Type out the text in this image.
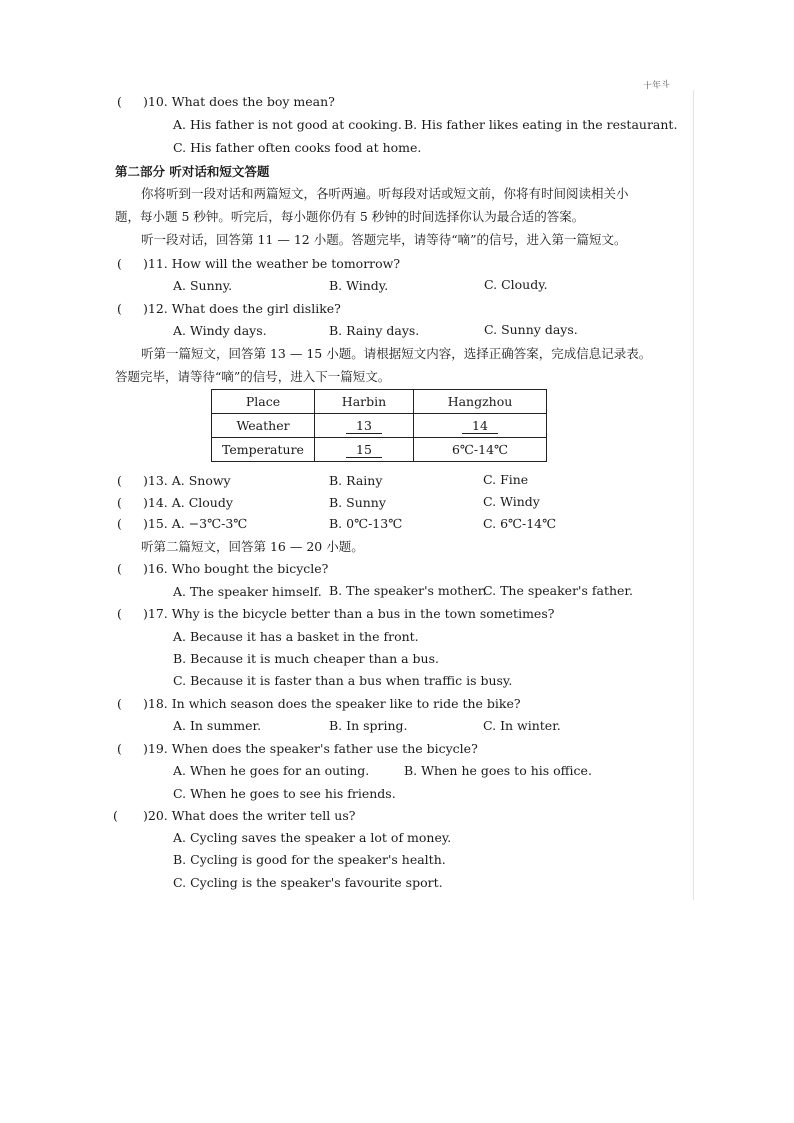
十年斗
( )10. What does the boy mean?
A. His father is not good at cooking. B. His father likes eating in the restaurant.
C. His father often cooks food at home.
第二部分 听对话和短文答题
你将听到一段对话和两篇短文，各听两遍。听每段对话或短文前，你将有时间阅读相关小
题，每小题 5 秒钟。听完后，每小题你仍有 5 秒钟的时间选择你认为最合适的答案。
听一段对话，回答第 11 — 12 小题。答题完毕，请等待“嘀”的信号，进入第一篇短文。
( )11. How will the weather be tomorrow?
A. Sunny.	B. Windy.	C. Cloudy.
( )12. What does the girl dislike?
A. Windy days.	B. Rainy days.	C. Sunny days.
听第一篇短文，回答第 13 — 15 小题。请根据短文内容，选择正确答案，完成信息记录表。
答题完毕，请等待“嘀”的信号，进入下一篇短文。
Place	Harbin	Hangzhou
Weather	13	14
Temperature	15	6℃-14℃
( )13. A. Snowy	B. Rainy	C. Fine
( )14. A. Cloudy	B. Sunny	C. Windy
( )15. A. −3℃-3℃	B. 0℃-13℃	C. 6℃-14℃
听第二篇短文，回答第 16 — 20 小题。
( )16. Who bought the bicycle?
A. The speaker himself. B. The speaker's mother.
C. The speaker's father.
( )17. Why is the bicycle better than a bus in the town sometimes?
A. Because it has a basket in the front.
B. Because it is much cheaper than a bus.
C. Because it is faster than a bus when traffic is busy.
( )18. In which season does the speaker like to ride the bike?
A. In summer.	B. In spring.	C. In winter.
( )19. When does the speaker's father use the bicycle?
A. When he goes for an outing.	B. When he goes to his office.
C. When he goes to see his friends.
( )20. What does the writer tell us?
A. Cycling saves the speaker a lot of money.
B. Cycling is good for the speaker's health.
C. Cycling is the speaker's favourite sport.
